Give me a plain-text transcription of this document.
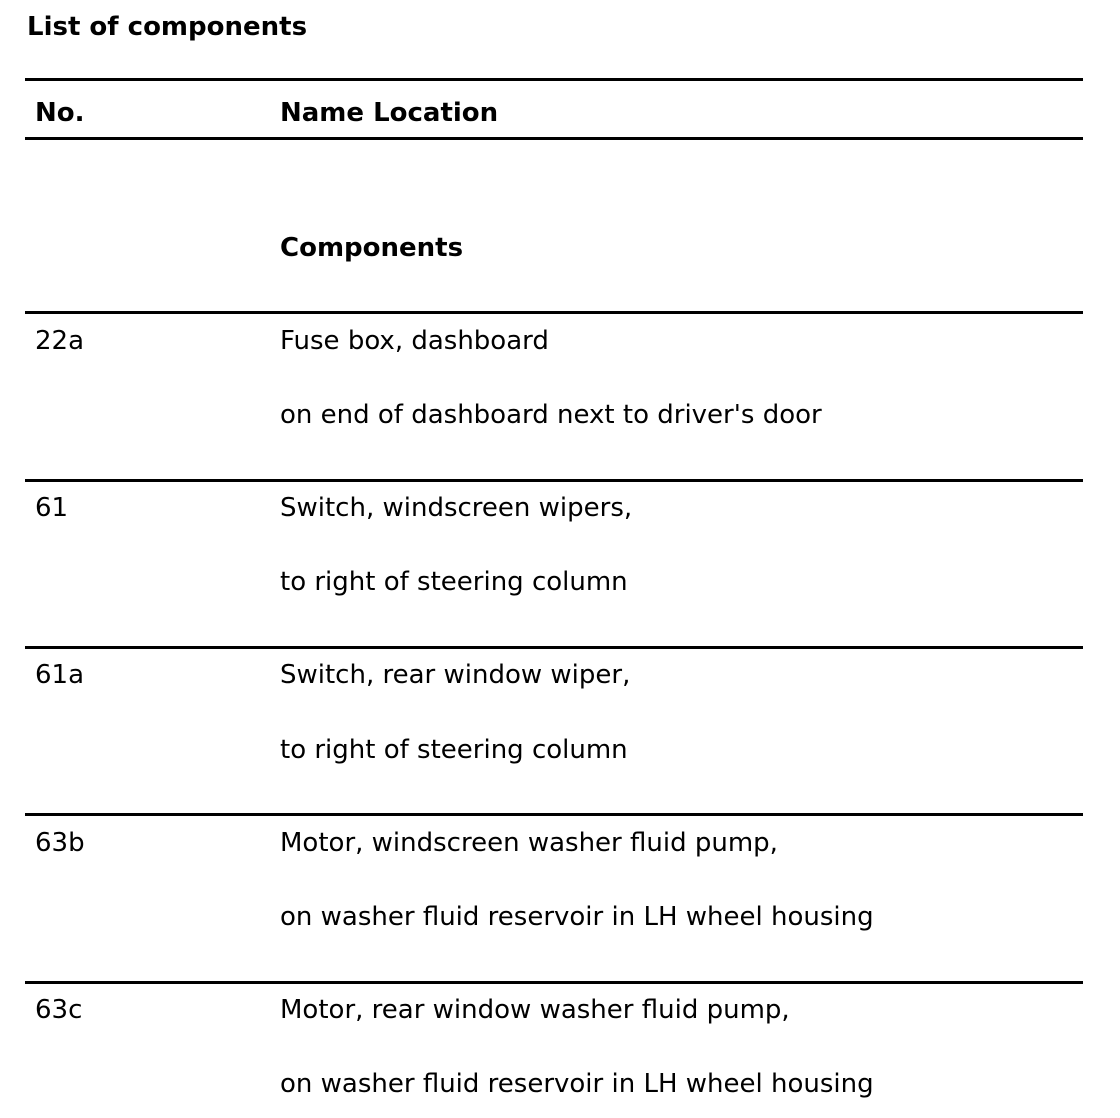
List of components
No.	Name Location
Components
22a	Fuse box, dashboard
on end of dashboard next to driver's door
61	Switch, windscreen wipers,
to right of steering column
61a	Switch, rear window wiper,
to right of steering column
63b	Motor, windscreen washer fluid pump,
on washer fluid reservoir in LH wheel housing
63c	Motor, rear window washer fluid pump,
on washer fluid reservoir in LH wheel housing
